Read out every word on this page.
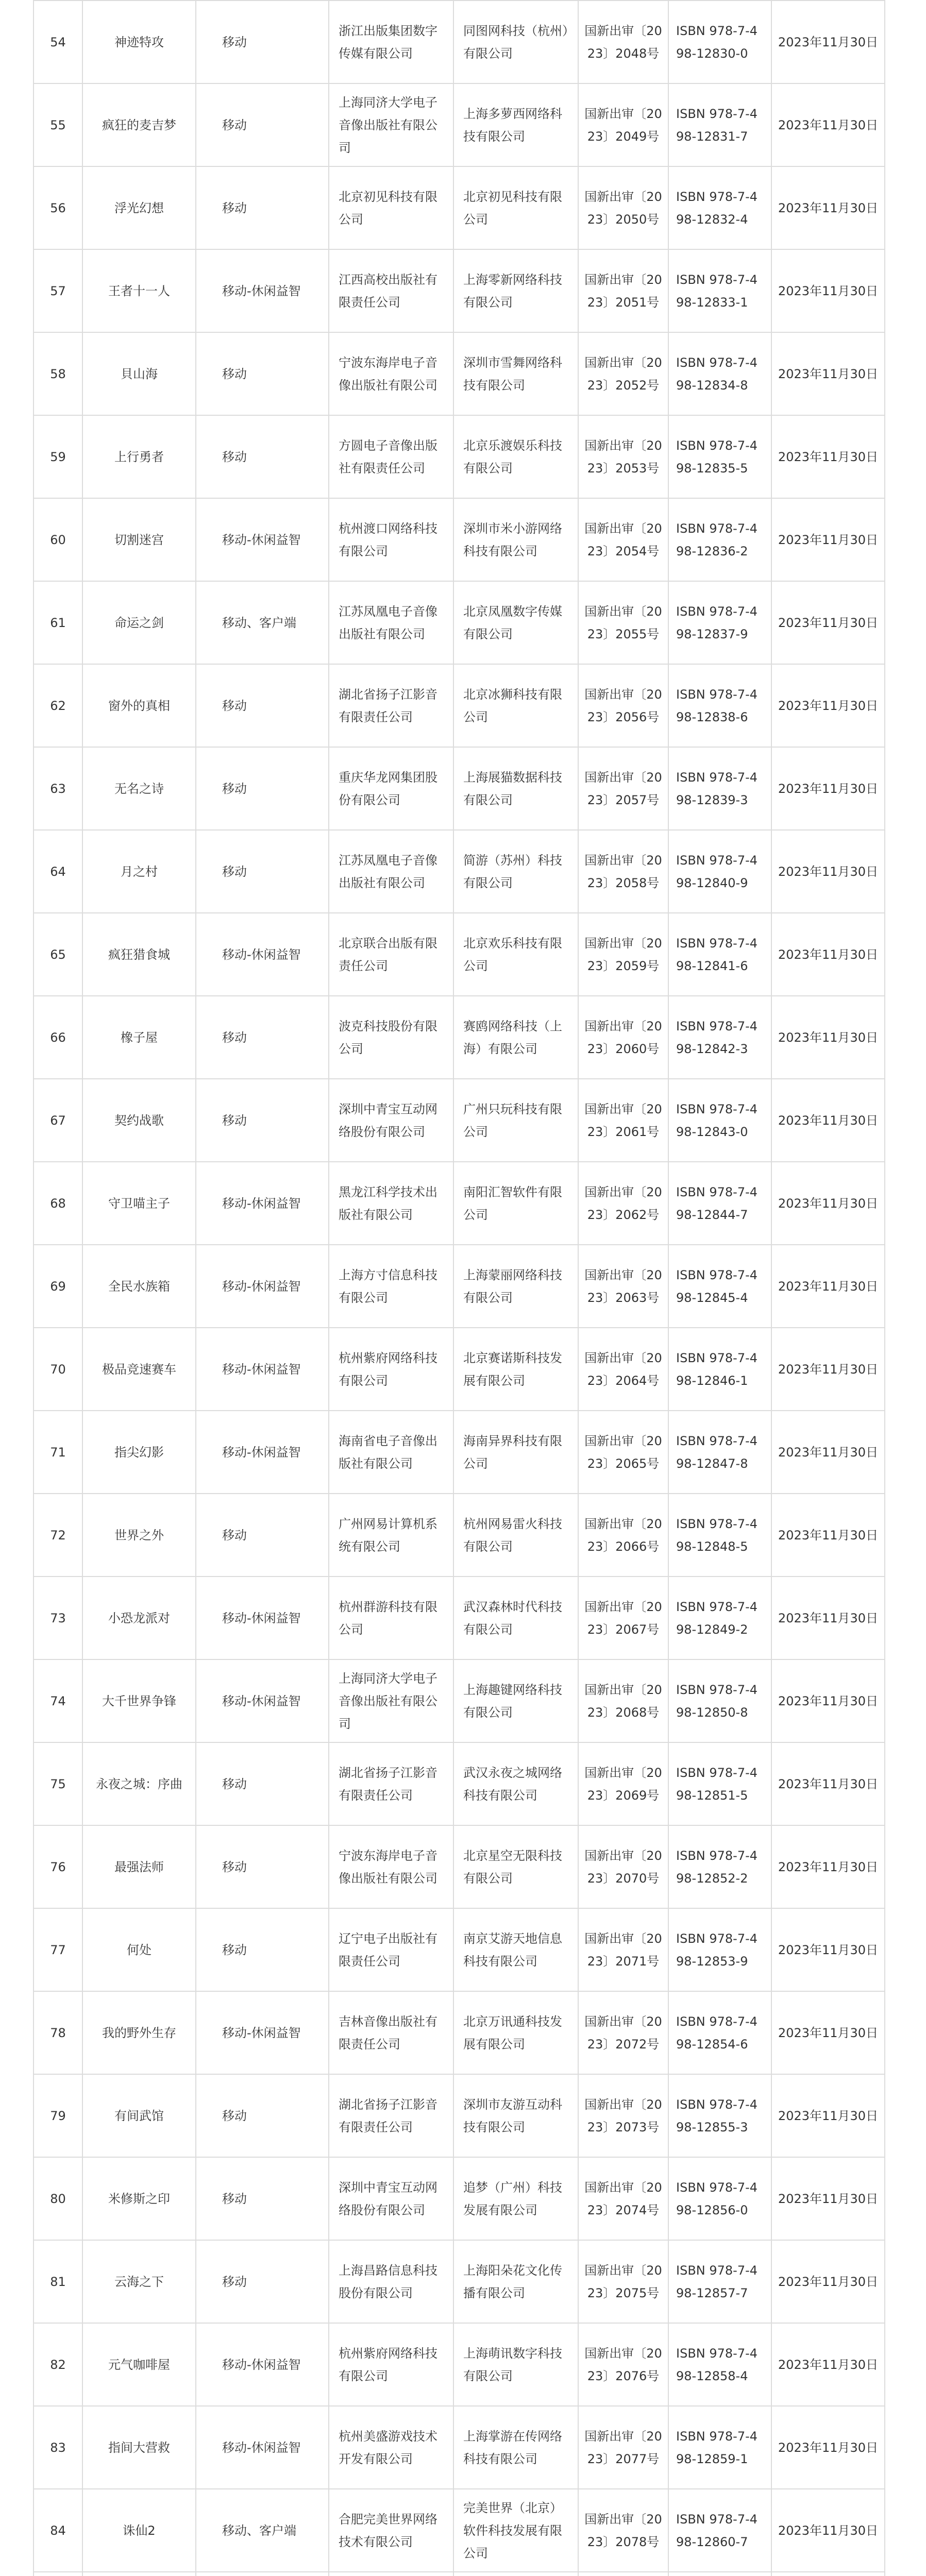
54	神迹特攻	移动	浙江出版集团数字传媒有限公司	同图网科技（杭州）有限公司	国新出审〔2023〕2048号	ISBN 978-7-498-12830-0	2023年11月30日
55	疯狂的麦吉梦	移动	上海同济大学电子音像出版社有限公司	上海多萝西网络科技有限公司	国新出审〔2023〕2049号	ISBN 978-7-498-12831-7	2023年11月30日
56	浮光幻想	移动	北京初见科技有限公司	北京初见科技有限公司	国新出审〔2023〕2050号	ISBN 978-7-498-12832-4	2023年11月30日
57	王者十一人	移动-休闲益智	江西高校出版社有限责任公司	上海零新网络科技有限公司	国新出审〔2023〕2051号	ISBN 978-7-498-12833-1	2023年11月30日
58	貝山海	移动	宁波东海岸电子音像出版社有限公司	深圳市雪舞网络科技有限公司	国新出审〔2023〕2052号	ISBN 978-7-498-12834-8	2023年11月30日
59	上行勇者	移动	方圆电子音像出版社有限责任公司	北京乐渡娱乐科技有限公司	国新出审〔2023〕2053号	ISBN 978-7-498-12835-5	2023年11月30日
60	切割迷宫	移动-休闲益智	杭州渡口网络科技有限公司	深圳市米小游网络科技有限公司	国新出审〔2023〕2054号	ISBN 978-7-498-12836-2	2023年11月30日
61	命运之剑	移动、客户端	江苏凤凰电子音像出版社有限公司	北京凤凰数字传媒有限公司	国新出审〔2023〕2055号	ISBN 978-7-498-12837-9	2023年11月30日
62	窗外的真相	移动	湖北省扬子江影音有限责任公司	北京冰狮科技有限公司	国新出审〔2023〕2056号	ISBN 978-7-498-12838-6	2023年11月30日
63	无名之诗	移动	重庆华龙网集团股份有限公司	上海展猫数据科技有限公司	国新出审〔2023〕2057号	ISBN 978-7-498-12839-3	2023年11月30日
64	月之村	移动	江苏凤凰电子音像出版社有限公司	简游（苏州）科技有限公司	国新出审〔2023〕2058号	ISBN 978-7-498-12840-9	2023年11月30日
65	疯狂猎食城	移动-休闲益智	北京联合出版有限责任公司	北京欢乐科技有限公司	国新出审〔2023〕2059号	ISBN 978-7-498-12841-6	2023年11月30日
66	橡子屋	移动	波克科技股份有限公司	赛鸥网络科技（上海）有限公司	国新出审〔2023〕2060号	ISBN 978-7-498-12842-3	2023年11月30日
67	契约战歌	移动	深圳中青宝互动网络股份有限公司	广州只玩科技有限公司	国新出审〔2023〕2061号	ISBN 978-7-498-12843-0	2023年11月30日
68	守卫喵主子	移动-休闲益智	黑龙江科学技术出版社有限公司	南阳汇智软件有限公司	国新出审〔2023〕2062号	ISBN 978-7-498-12844-7	2023年11月30日
69	全民水族箱	移动-休闲益智	上海方寸信息科技有限公司	上海蒙丽网络科技有限公司	国新出审〔2023〕2063号	ISBN 978-7-498-12845-4	2023年11月30日
70	极品竞速赛车	移动-休闲益智	杭州紫府网络科技有限公司	北京赛诺斯科技发展有限公司	国新出审〔2023〕2064号	ISBN 978-7-498-12846-1	2023年11月30日
71	指尖幻影	移动-休闲益智	海南省电子音像出版社有限公司	海南异界科技有限公司	国新出审〔2023〕2065号	ISBN 978-7-498-12847-8	2023年11月30日
72	世界之外	移动	广州网易计算机系统有限公司	杭州网易雷火科技有限公司	国新出审〔2023〕2066号	ISBN 978-7-498-12848-5	2023年11月30日
73	小恐龙派对	移动-休闲益智	杭州群游科技有限公司	武汉森林时代科技有限公司	国新出审〔2023〕2067号	ISBN 978-7-498-12849-2	2023年11月30日
74	大千世界争锋	移动-休闲益智	上海同济大学电子音像出版社有限公司	上海趣键网络科技有限公司	国新出审〔2023〕2068号	ISBN 978-7-498-12850-8	2023年11月30日
75	永夜之城：序曲	移动	湖北省扬子江影音有限责任公司	武汉永夜之城网络科技有限公司	国新出审〔2023〕2069号	ISBN 978-7-498-12851-5	2023年11月30日
76	最强法师	移动	宁波东海岸电子音像出版社有限公司	北京星空无限科技有限公司	国新出审〔2023〕2070号	ISBN 978-7-498-12852-2	2023年11月30日
77	何处	移动	辽宁电子出版社有限责任公司	南京艾游天地信息科技有限公司	国新出审〔2023〕2071号	ISBN 978-7-498-12853-9	2023年11月30日
78	我的野外生存	移动-休闲益智	吉林音像出版社有限责任公司	北京万讯通科技发展有限公司	国新出审〔2023〕2072号	ISBN 978-7-498-12854-6	2023年11月30日
79	有间武馆	移动	湖北省扬子江影音有限责任公司	深圳市友游互动科技有限公司	国新出审〔2023〕2073号	ISBN 978-7-498-12855-3	2023年11月30日
80	米修斯之印	移动	深圳中青宝互动网络股份有限公司	追梦（广州）科技发展有限公司	国新出审〔2023〕2074号	ISBN 978-7-498-12856-0	2023年11月30日
81	云海之下	移动	上海昌路信息科技股份有限公司	上海阳朵花文化传播有限公司	国新出审〔2023〕2075号	ISBN 978-7-498-12857-7	2023年11月30日
82	元气咖啡屋	移动-休闲益智	杭州紫府网络科技有限公司	上海萌讯数字科技有限公司	国新出审〔2023〕2076号	ISBN 978-7-498-12858-4	2023年11月30日
83	指间大营救	移动-休闲益智	杭州美盛游戏技术开发有限公司	上海掌游在传网络科技有限公司	国新出审〔2023〕2077号	ISBN 978-7-498-12859-1	2023年11月30日
84	诛仙2	移动、客户端	合肥完美世界网络技术有限公司	完美世界（北京）软件科技发展有限公司	国新出审〔2023〕2078号	ISBN 978-7-498-12860-7	2023年11月30日
